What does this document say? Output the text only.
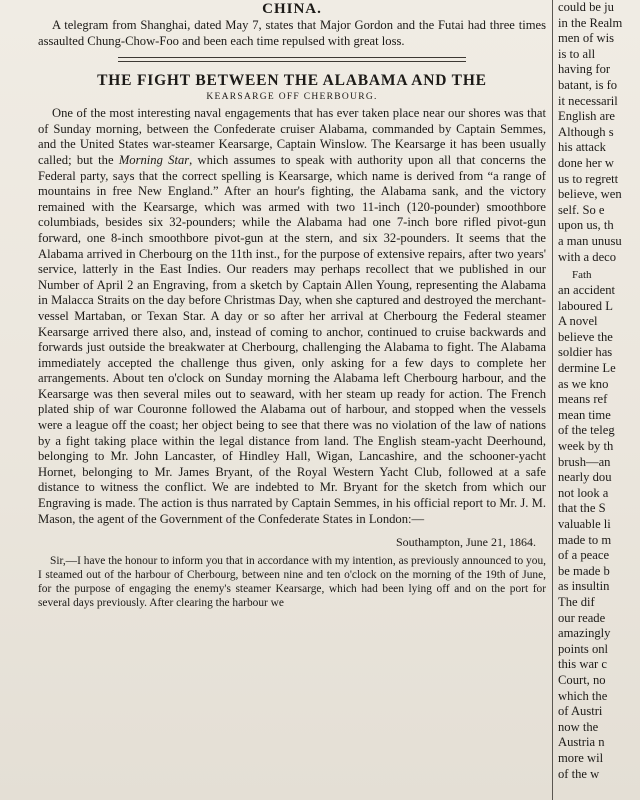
CHINA.

A telegram from Shanghai, dated May 7, states that Major Gordon and the Futai had three times assaulted Chung-Chow-Foo and been each time repulsed with great loss.

THE FIGHT BETWEEN THE ALABAMA AND THE
KEARSARGE OFF CHERBOURG.

One of the most interesting naval engagements that has ever taken place near our shores was that of Sunday morning, between the Confederate cruiser Alabama, commanded by Captain Semmes, and the United States war-steamer Kearsarge, Captain Winslow. The Kearsarge it has been usually called; but the Morning Star, which assumes to speak with authority upon all that concerns the Federal party, says that the correct spelling is Kearsarge, which name is derived from “a range of mountains in free New England.” After an hour's fighting, the Alabama sank, and the victory remained with the Kearsarge, which was armed with two 11-inch (120-pounder) smoothbore columbiads, besides six 32-pounders; while the Alabama had one 7-inch bore rifled pivot-gun forward, one 8-inch smoothbore pivot-gun at the stern, and six 32-pounders. It seems that the Alabama arrived in Cherbourg on the 11th inst., for the purpose of extensive repairs, after two years' service, latterly in the East Indies. Our readers may perhaps recollect that we published in our Number of April 2 an Engraving, from a sketch by Captain Allen Young, representing the Alabama in Malacca Straits on the day before Christmas Day, when she captured and destroyed the merchant-vessel Martaban, or Texan Star. A day or so after her arrival at Cherbourg the Federal steamer Kearsarge arrived there also, and, instead of coming to anchor, continued to cruise backwards and forwards just outside the breakwater at Cherbourg, challenging the Alabama to fight. The Alabama immediately accepted the challenge thus given, only asking for a few days to complete her arrangements. About ten o'clock on Sunday morning the Alabama left Cherbourg harbour, and the Kearsarge was then several miles out to seaward, with her steam up ready for action. The French plated ship of war Couronne followed the Alabama out of harbour, and stopped when the vessels were a league off the coast; her object being to see that there was no violation of the law of nations by a fight taking place within the legal distance from land. The English steam-yacht Deerhound, belonging to Mr. John Lancaster, of Hindley Hall, Wigan, Lancashire, and the schooner-yacht Hornet, belonging to Mr. James Bryant, of the Royal Western Yacht Club, followed at a safe distance to witness the conflict. We are indebted to Mr. Bryant for the sketch from which our Engraving is made. The action is thus narrated by Captain Semmes, in his official report to Mr. J. M. Mason, the agent of the Government of the Confederate States in London:—

Southampton, June 21, 1864.

Sir,—I have the honour to inform you that in accordance with my intention, as previously announced to you, I steamed out of the harbour of Cherbourg, between nine and ten o'clock on the morning of the 19th of June, for the purpose of engaging the enemy's steamer Kearsarge, which had been lying off and on the port for several days previously. After clearing the harbour we

could be ju
in the Realm
men of wis
is to all
having for
batant, is fo
it necessaril
English are
Although s
his attack
done her w
us to regrett
believe, wen
self. So e
upon us, th
a man unusu
with a deco
Fath
an accident
laboured L
A novel
believe the
soldier has
dermine Le
as we kno
means ref
mean time
of the teleg
week by th
brush—an
nearly dou
not look a
that the S
valuable li
made to m
of a peace
be made b
as insultin
The dif
our reade
amazingly
points onl
this war c
Court, no
which the
of Austri
now the
Austria n
more wil
of the w
